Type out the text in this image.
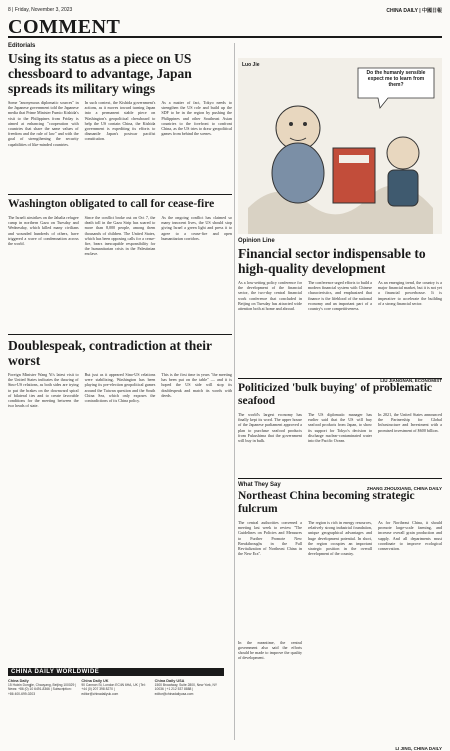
8 | Friday, November 3, 2023	CHINA DAILY | 中國日報
COMMENT
Editorials
Using its status as a piece on US chessboard to advantage, Japan spreads its military wings

Some "anonymous diplomatic sources" in the Japanese government told the Japanese media that Prime Minister Fumio Kishida's visit to the Philippines from Friday is aimed at enhancing "cooperation with countries that share the same values of freedom and the rule of law" and with the goal of strengthening the security capabilities of like-minded countries.

In such context, the Kishida government's actions, as it moves toward turning Japan into a permanent stable piece on Washington's geopolitical chessboard to help the US contain China, the Kishida government is expediting its efforts to dismantle Japan's postwar pacifist constitution.

As a matter of fact, Tokyo needs to strengthen the US role and build up the SDF to be in the region by pushing the Philippines and other Southeast Asian countries to the forefront to confront China, as the US tries to draw geopolitical games from behind the scenes.

Washington obligated to call for cease-fire

The Israeli airstrikes on the Jabalia refugee camp in northern Gaza on Tuesday and Wednesday, which killed many civilians and wounded hundreds of others, have triggered a wave of condemnation across the world.

Since the conflict broke out on Oct 7, the death toll in the Gaza Strip has soared to more than 8,000 people, among them thousands of children. The United States, which has been opposing calls for a cease-fire, bears inescapable responsibility for the humanitarian crisis in the Palestinian enclave.

As the ongoing conflict has claimed so many innocent lives, the US should stop giving Israel a green light and press it to agree to a cease-fire and open humanitarian corridors.

Doublespeak, contradiction at their worst

Foreign Minister Wang Yi's latest visit to the United States indicates the thawing of Sino-US relations, as both sides are trying to put the brakes on the downward spiral of bilateral ties and to create favorable conditions for the meeting between the two heads of state.

But just as it appeared Sino-US relations were stabilizing, Washington has been playing its pre-election geopolitical games around the Taiwan question and the South China Sea, which only exposes the contradictions of its China policy.

This is the first time in years "the meeting has been put on the table" — and it is hoped the US side will stop its doublespeak and match its words with deeds.

CHINA DAILY WORLDWIDE
China Daily
15 Huixin Dongjie, Chaoyang, Beijing 100029 | News: +86 (0) 10 6491-8366 | Subscription: +86 400-699-0203
China Daily UK
90 Cannon St, London EC4N 6HA, UK | Tel: +44 (0) 207 398 8270 | editor@chinadailyuk.com
China Daily USA
1500 Broadway, Suite 2800, New York, NY 10036 | +1 212 537 8888 | editor@chinadailyusa.com
Do the humanly sensible expect me to learn from them?
Luo Jie
Opinion Line
Financial sector indispensable to high-quality development

As a loss-setting policy conference for the development of the financial sector, the two-day central financial work conference that concluded in Beijing on Tuesday has attracted wide attention both at home and abroad.

The conference urged efforts to build a modern financial system with Chinese characteristics, and emphasized that finance is the lifeblood of the national economy and an important part of a country's core competitiveness.

As an emerging trend, the country is a major financial market, but it is not yet a financial powerhouse. It is imperative to accelerate the building of a strong financial sector.

LIU JIANGNAN, ECONOMIST
Politicized 'bulk buying' of problematic seafood

The world's largest economy has finally kept its word. The upper house of the Japanese parliament approved a plan to purchase seafood products from Fukushima that the government will buy in bulk.

The US diplomatic manager has earlier said that the US will buy seafood products from Japan, to show its support for Tokyo's decision to discharge nuclear-contaminated water into the Pacific Ocean.

In 2021, the United States announced the Partnership for Global Infrastructure and Investment with a promised investment of $600 billion.

ZHANG ZHOUXIANG, CHINA DAILY
What They Say
Northeast China becoming strategic fulcrum

The central authorities convened a meeting last week to review "The Guidelines on Policies and Measures to Further Promote New Breakthroughs in the Full Revitalization of Northeast China in the New Era".

The region is rich in energy resources, relatively strong industrial foundation, unique geographical advantages and huge development potential. In short, the region occupies an important strategic position in the overall development of the country.

As for Northeast China, it should promote large-scale farming, and increase overall grain production and supply. And all departments must coordinate to improve ecological conservation.

In the meantime, the central government also said the efforts should be made to improve the quality of development.

LI JING, CHINA DAILY
